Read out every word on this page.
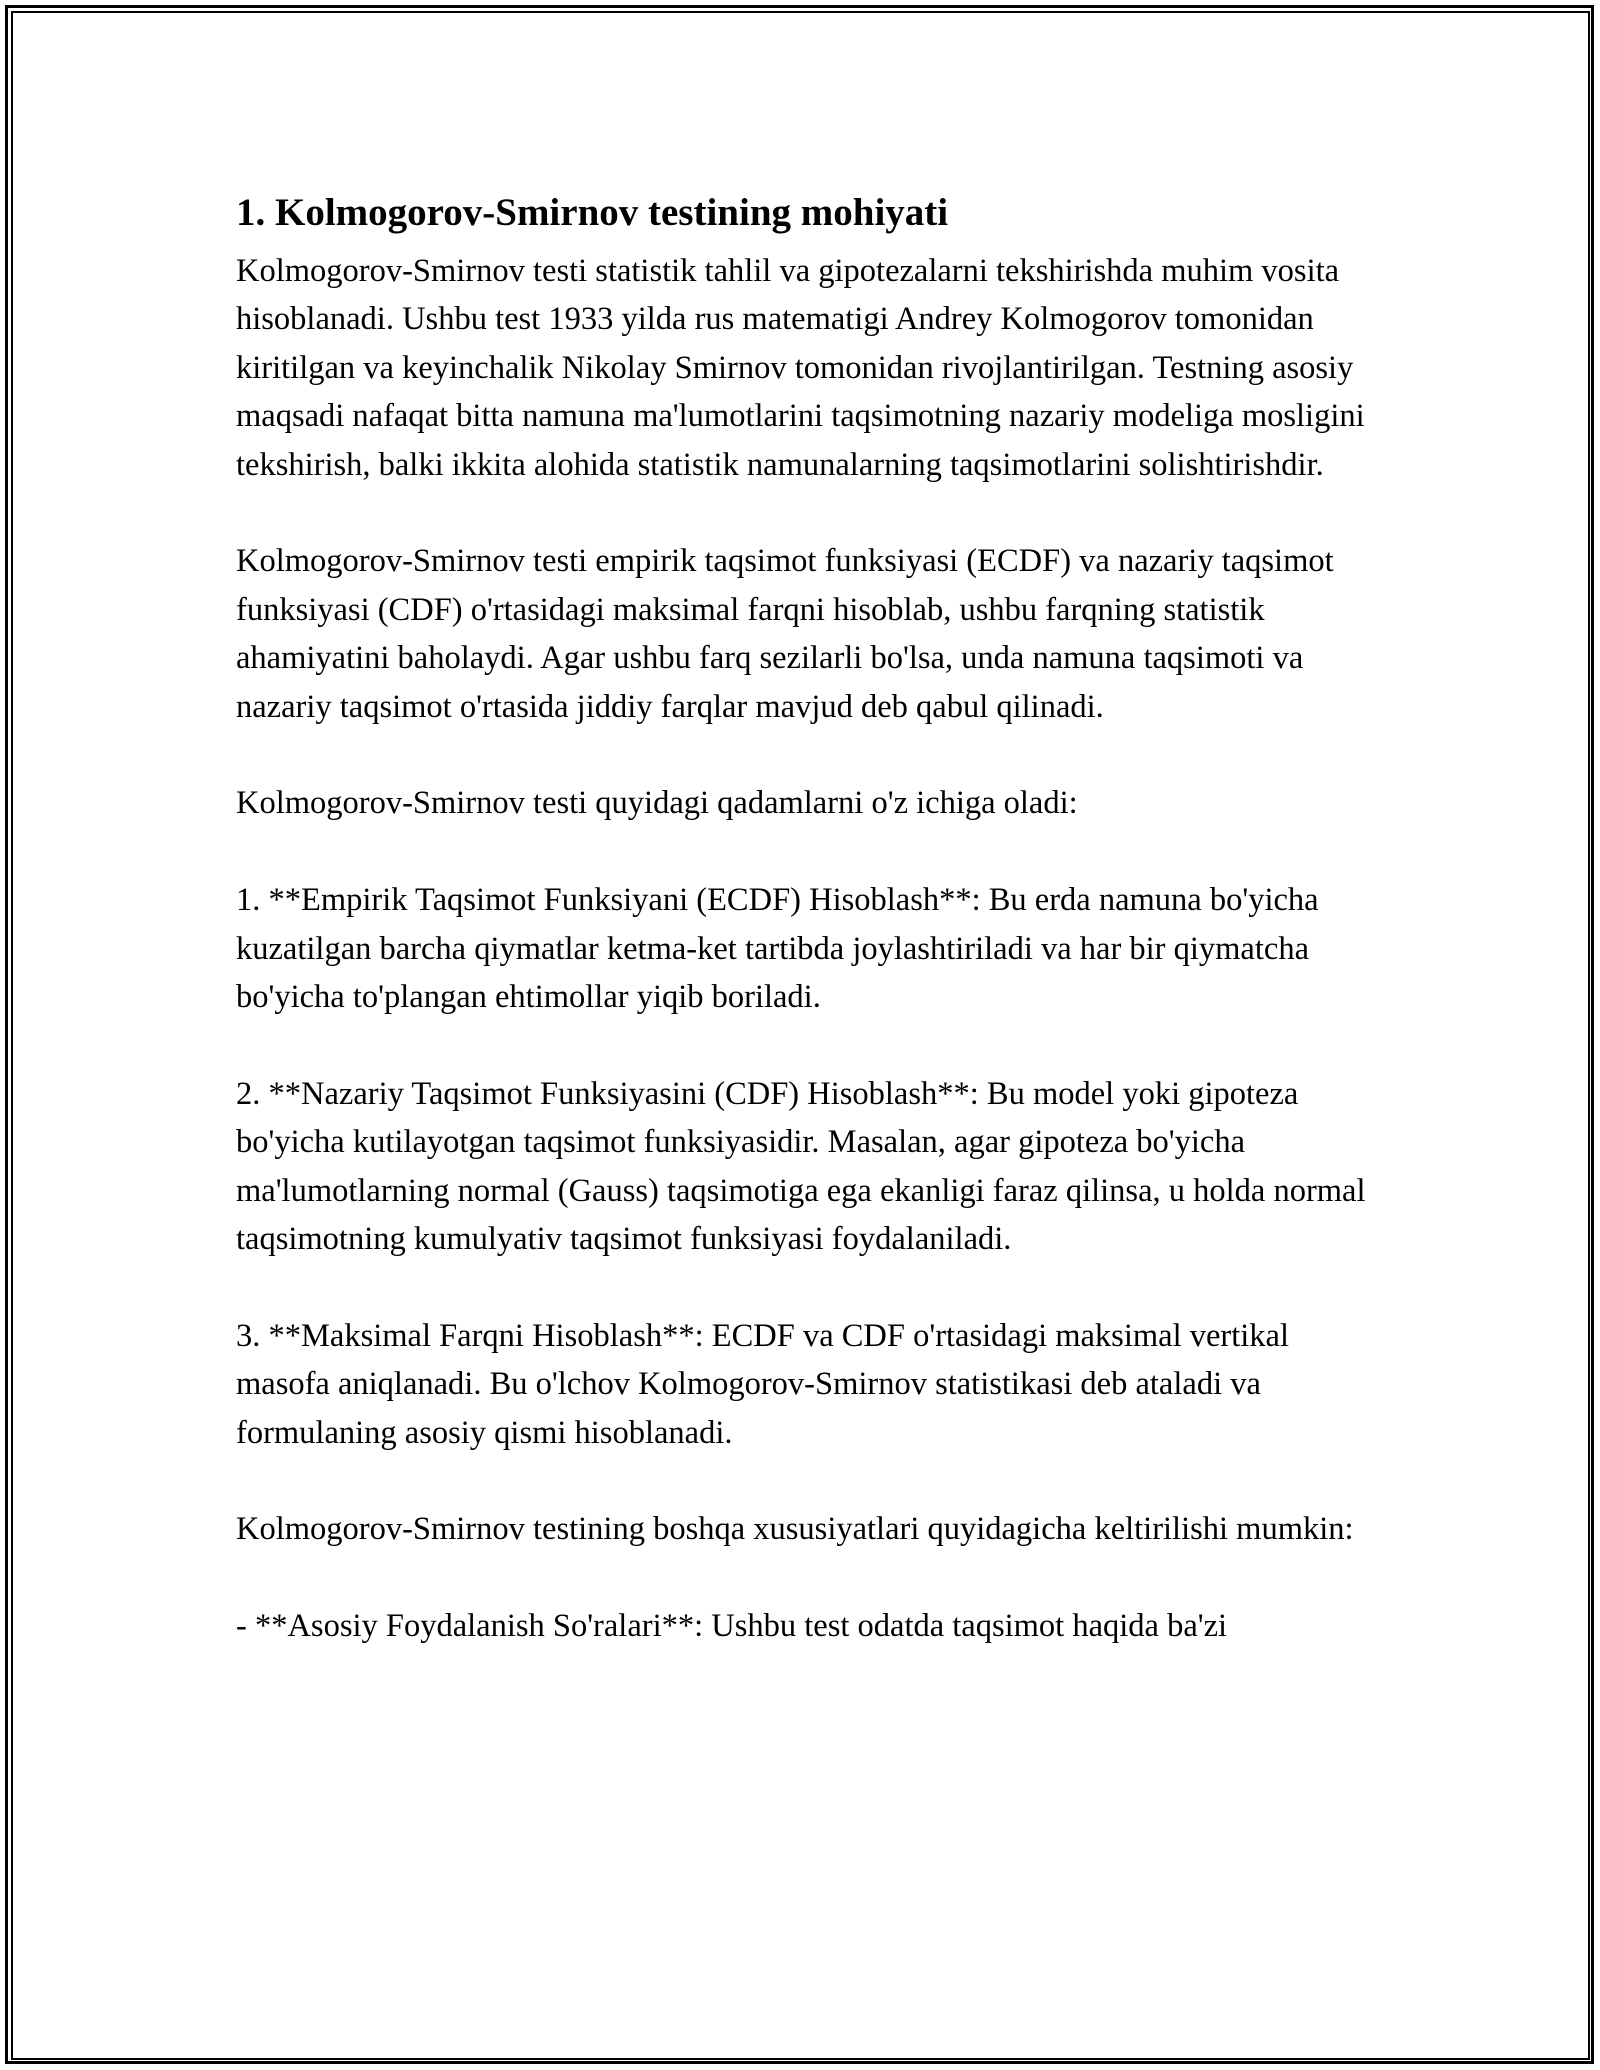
1. Kolmogorov-Smirnov testining mohiyati

Kolmogorov-Smirnov testi statistik tahlil va gipotezalarni tekshirishda muhim vosita hisoblanadi. Ushbu test 1933 yilda rus matematigi Andrey Kolmogorov tomonidan kiritilgan va keyinchalik Nikolay Smirnov tomonidan rivojlantirilgan. Testning asosiy maqsadi nafaqat bitta namuna ma'lumotlarini taqsimotning nazariy modeliga mosligini tekshirish, balki ikkita alohida statistik namunalarning taqsimotlarini solishtirishdir.

Kolmogorov-Smirnov testi empirik taqsimot funksiyasi (ECDF) va nazariy taqsimot funksiyasi (CDF) o'rtasidagi maksimal farqni hisoblab, ushbu farqning statistik ahamiyatini baholaydi. Agar ushbu farq sezilarli bo'lsa, unda namuna taqsimoti va nazariy taqsimot o'rtasida jiddiy farqlar mavjud deb qabul qilinadi.

Kolmogorov-Smirnov testi quyidagi qadamlarni o'z ichiga oladi:

1. **Empirik Taqsimot Funksiyani (ECDF) Hisoblash**: Bu erda namuna bo'yicha kuzatilgan barcha qiymatlar ketma-ket tartibda joylashtiriladi va har bir qiymatcha bo'yicha to'plangan ehtimollar yiqib boriladi.

2. **Nazariy Taqsimot Funksiyasini (CDF) Hisoblash**: Bu model yoki gipoteza bo'yicha kutilayotgan taqsimot funksiyasidir. Masalan, agar gipoteza bo'yicha ma'lumotlarning normal (Gauss) taqsimotiga ega ekanligi faraz qilinsa, u holda normal taqsimotning kumulyativ taqsimot funksiyasi foydalaniladi.

3. **Maksimal Farqni Hisoblash**: ECDF va CDF o'rtasidagi maksimal vertikal masofa aniqlanadi. Bu o'lchov Kolmogorov-Smirnov statistikasi deb ataladi va formulaning asosiy qismi hisoblanadi.

Kolmogorov-Smirnov testining boshqa xususiyatlari quyidagicha keltirilishi mumkin:

- **Asosiy Foydalanish So'ralari**: Ushbu test odatda taqsimot haqida ba'zi
